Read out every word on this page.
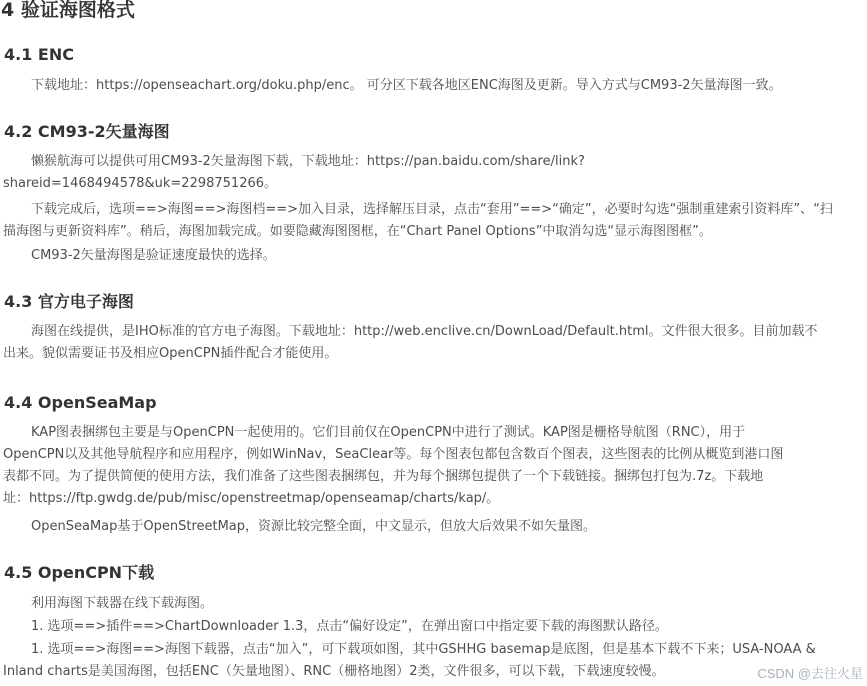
4 验证海图格式
4.1 ENC
下载地址：https://openseachart.org/doku.php/enc。 可分区下载各地区ENC海图及更新。导入方式与CM93-2矢量海图一致。
4.2 CM93-2矢量海图
懒猴航海可以提供可用CM93-2矢量海图下载，下载地址：https://pan.baidu.com/share/link?
shareid=1468494578&uk=2298751266。
下载完成后，选项==>海图==>海图档==>加入目录，选择解压目录，点击“套用”==>“确定”，必要时勾选“强制重建索引资料库”、“扫
描海图与更新资料库”。稍后，海图加载完成。如要隐藏海图图框，在“Chart Panel Options”中取消勾选“显示海图图框”。
CM93-2矢量海图是验证速度最快的选择。
4.3 官方电子海图
海图在线提供，是IHO标准的官方电子海图。下载地址：http://web.enclive.cn/DownLoad/Default.html。文件很大很多。目前加载不
出来。貌似需要证书及相应OpenCPN插件配合才能使用。
4.4 OpenSeaMap
KAP图表捆绑包主要是与OpenCPN一起使用的。它们目前仅在OpenCPN中进行了测试。KAP图是栅格导航图（RNC），用于
OpenCPN以及其他导航程序和应用程序，例如WinNav，SeaClear等。每个图表包都包含数百个图表，这些图表的比例从概览到港口图
表都不同。为了提供简便的使用方法，我们准备了这些图表捆绑包，并为每个捆绑包提供了一个下载链接。捆绑包打包为.7z。下载地
址：https://ftp.gwdg.de/pub/misc/openstreetmap/openseamap/charts/kap/。
OpenSeaMap基于OpenStreetMap，资源比较完整全面，中文显示，但放大后效果不如矢量图。
4.5 OpenCPN下载
利用海图下载器在线下载海图。
1. 选项==>插件==>ChartDownloader 1.3，点击“偏好设定”，在弹出窗口中指定要下载的海图默认路径。
1. 选项==>海图==>海图下载器，点击“加入”，可下载项如图，其中GSHHG basemap是底图，但是基本下载不下来；USA-NOAA &
Inland charts是美国海图，包括ENC（矢量地图）、RNC（栅格地图）2类，文件很多，可以下载，下载速度较慢。	CSDN @去往火星
